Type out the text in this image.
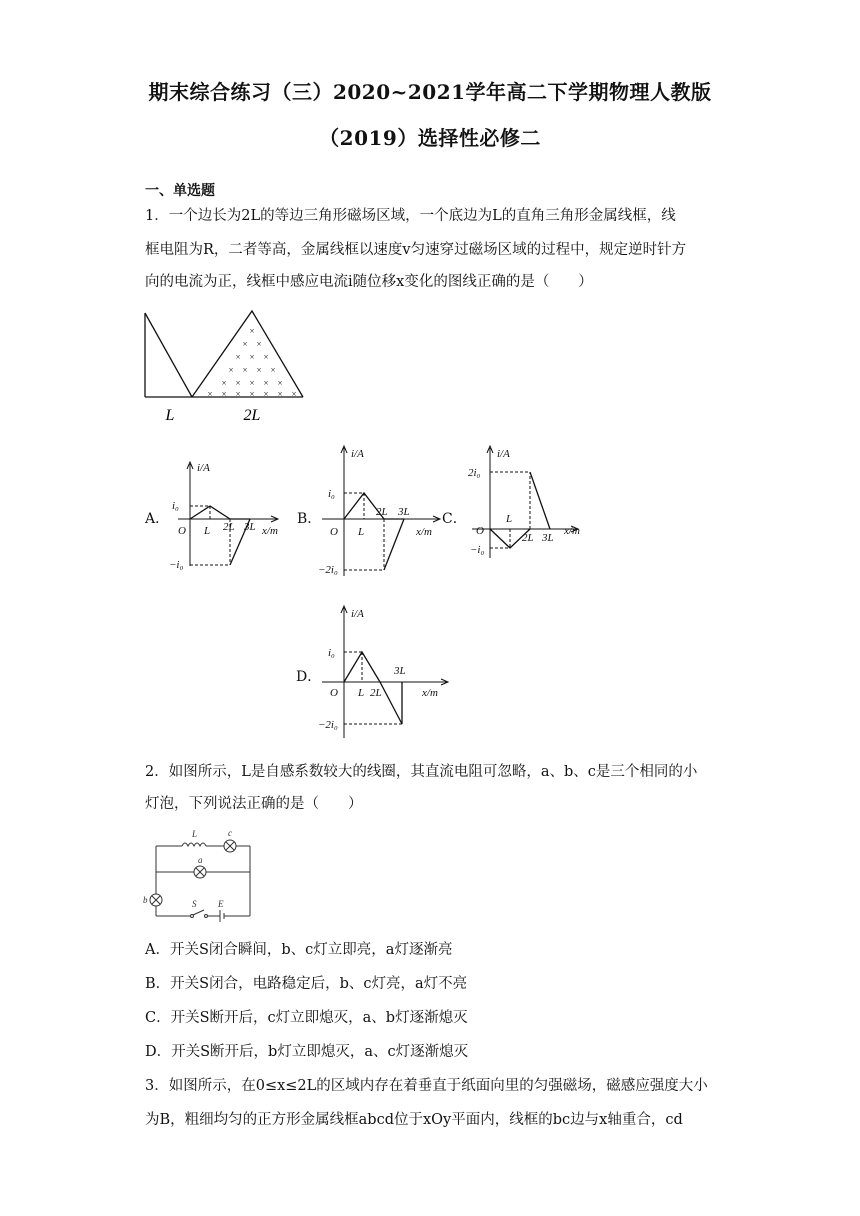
期末综合练习（三）2020~2021学年高二下学期物理人教版
（2019）选择性必修二
一、单选题
1．一个边长为2L的等边三角形磁场区域，一个底边为L的直角三角形金属线框，线
框电阻为R，二者等高，金属线框以速度v匀速穿过磁场区域的过程中，规定逆时针方
向的电流为正，线框中感应电流i随位移x变化的图线正确的是（　　）
×
× ×
× × ×
× × × ×
× × × × ×
× × × × × × ×
L	2L
A．
i/A
i₀
O L 2L 3L x/m
−i₀
B．
i/A
i₀
O L
2L 3L
x/m
−2i₀
C．
i/A
2i₀
O
L
2L 3L
x/m
−i₀
D．
i/A
i₀
O L 2L
3L
x/m
−2i₀
2．如图所示，L是自感系数较大的线圈，其直流电阻可忽略，a、b、c是三个相同的小
灯泡，下列说法正确的是（　　）
L	c
a
b	S E
A．开关S闭合瞬间，b、c灯立即亮，a灯逐渐亮
B．开关S闭合，电路稳定后，b、c灯亮，a灯不亮
C．开关S断开后，c灯立即熄灭，a、b灯逐渐熄灭
D．开关S断开后，b灯立即熄灭，a、c灯逐渐熄灭
3．如图所示，在0≤x≤2L的区域内存在着垂直于纸面向里的匀强磁场，磁感应强度大小
为B，粗细均匀的正方形金属线框abcd位于xOy平面内，线框的bc边与x轴重合，cd
